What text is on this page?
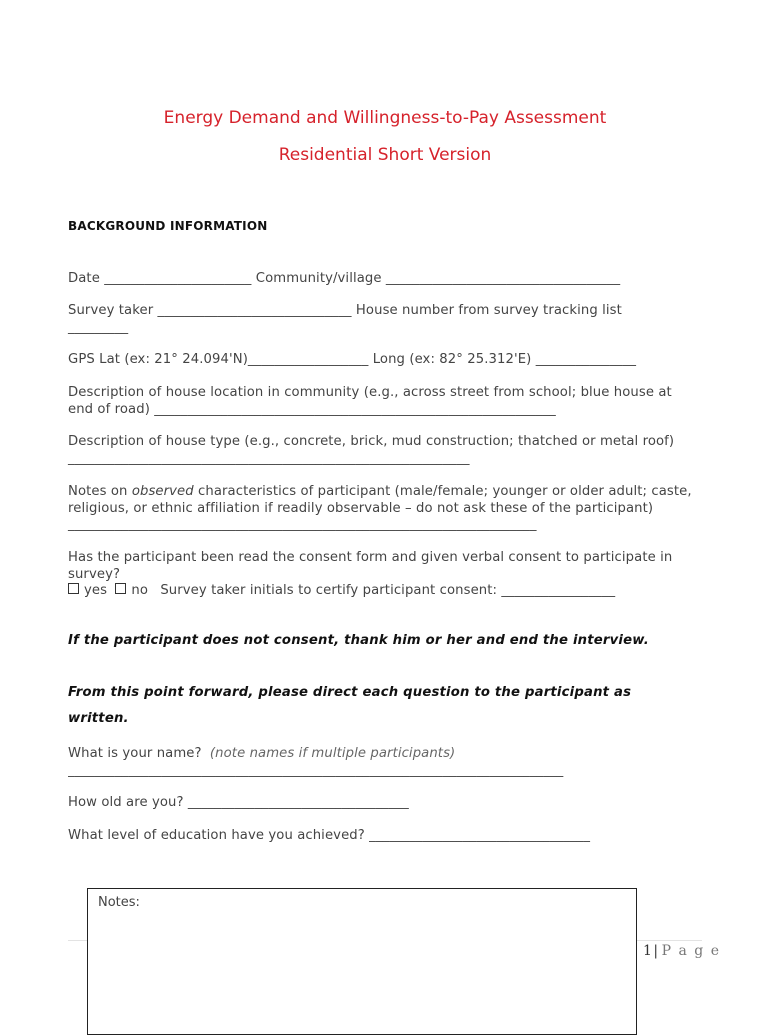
Energy Demand and Willingness-to-Pay Assessment
Residential Short Version
BACKGROUND INFORMATION
Date ______________________ Community/village ___________________________________
Survey taker _____________________________ House number from survey tracking list _________
GPS Lat (ex: 21° 24.094'N)__________________ Long (ex: 82° 25.312'E) _______________
Description of house location in community (e.g., across street from school; blue house at end of road) ____________________________________________________________
Description of house type (e.g., concrete, brick, mud construction; thatched or metal roof) ____________________________________________________________
Notes on observed characteristics of participant (male/female; younger or older adult; caste, religious, or ethnic affiliation if readily observable – do not ask these of the participant) ______________________________________________________________________
Has the participant been read the consent form and given verbal consent to participate in survey?
yes no Survey taker initials to certify participant consent: _________________
If the participant does not consent, thank him or her and end the interview.
From this point forward, please direct each question to the participant as written.
What is your name? (note names if multiple participants)
__________________________________________________________________________
How old are you? _________________________________
What level of education have you achieved? _________________________________
1| P a g e
Notes:
